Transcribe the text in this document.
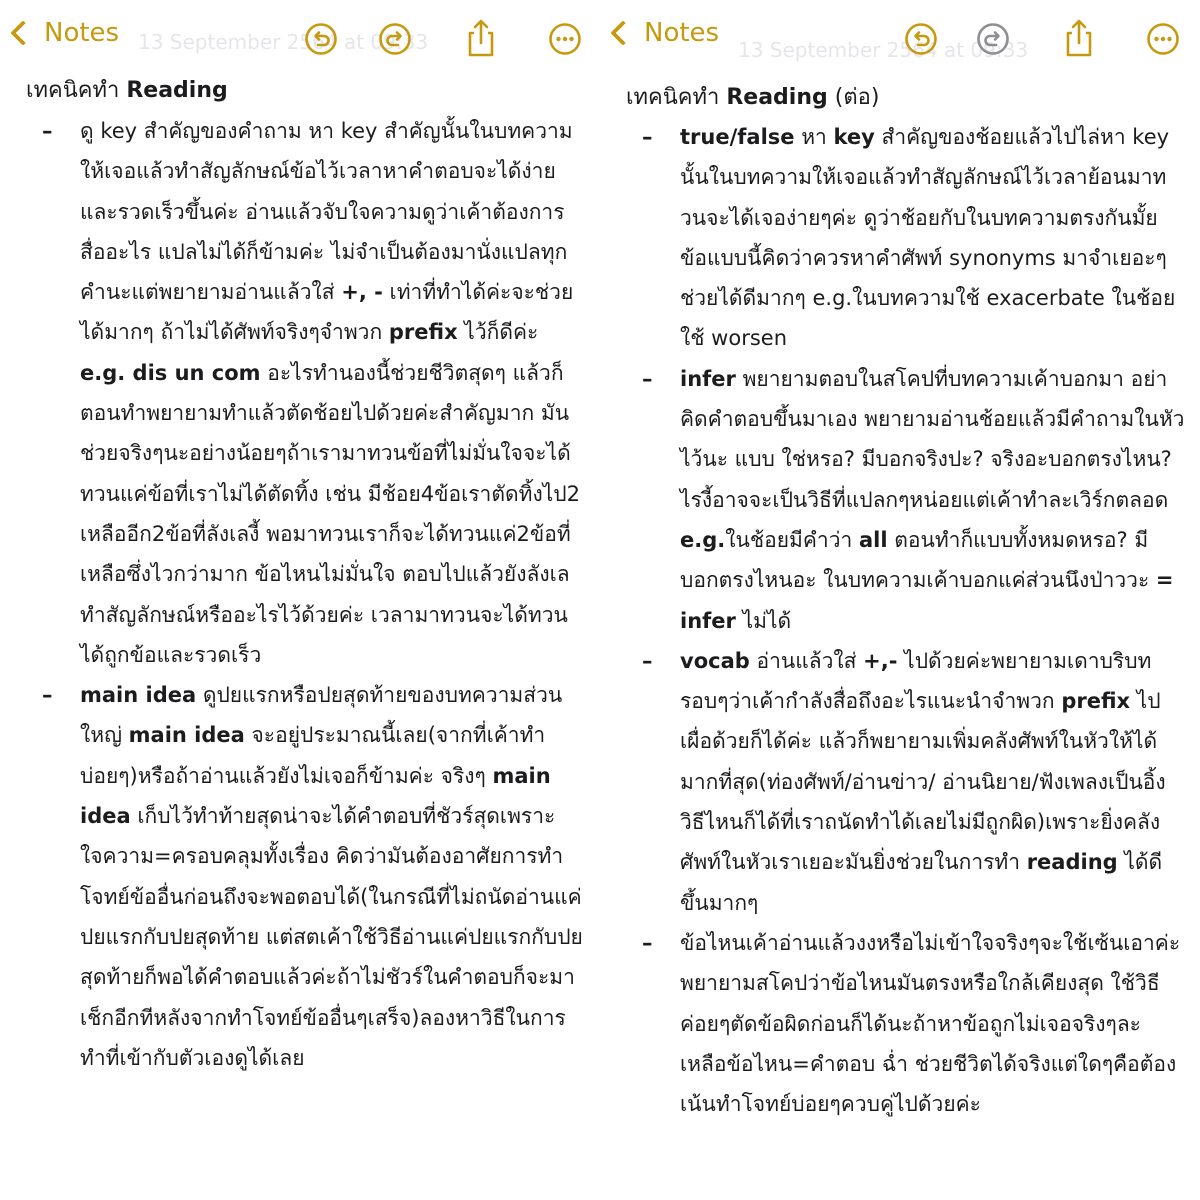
13 September 2564 at 09:33
Notes
เทคนิคทำ Reading
– ดู key สำคัญของคำถาม หา key สำคัญนั้นในบทความให้เจอแล้วทำสัญลักษณ์ข้อไว้เวลาหาคำตอบจะได้ง่ายและรวดเร็วขึ้นค่ะ อ่านแล้วจับใจความดูว่าเค้าต้องการสื่ออะไร แปลไม่ได้ก็ข้ามค่ะ ไม่จำเป็นต้องมานั่งแปลทุกคำนะแต่พยายามอ่านแล้วใส่ +, - เท่าที่ทำได้ค่ะจะช่วยได้มากๆ ถ้าไม่ได้ศัพท์จริงๆจำพวก prefix ไว้ก็ดีค่ะ e.g. dis un com อะไรทำนองนี้ช่วยชีวิตสุดๆ แล้วก็ตอนทำพยายามทำแล้วตัดช้อยไปด้วยค่ะสำคัญมาก มันช่วยจริงๆนะอย่างน้อยๆถ้าเรามาทวนข้อที่ไม่มั่นใจจะได้ทวนแค่ข้อที่เราไม่ได้ตัดทิ้ง เช่น มีช้อย4ข้อเราตัดทิ้งไป2 เหลืออีก2ข้อที่ลังเลงี้ พอมาทวนเราก็จะได้ทวนแค่2ข้อที่เหลือซึ่งไวกว่ามาก ข้อไหนไม่มั่นใจ ตอบไปแล้วยังลังเลทำสัญลักษณ์หรืออะไรไว้ด้วยค่ะ เวลามาทวนจะได้ทวนได้ถูกข้อและรวดเร็ว
– main idea ดูปยแรกหรือปยสุดท้ายของบทความส่วนใหญ่ main idea จะอยู่ประมาณนี้เลย(จากที่เค้าทำบ่อยๆ)หรือถ้าอ่านแล้วยังไม่เจอก็ข้ามค่ะ จริงๆ main idea เก็บไว้ทำท้ายสุดน่าจะได้คำตอบที่ชัวร์สุดเพราะใจความ=ครอบคลุมทั้งเรื่อง คิดว่ามันต้องอาศัยการทำโจทย์ข้ออื่นก่อนถึงจะพอตอบได้(ในกรณีที่ไม่ถนัดอ่านแค่ปยแรกกับปยสุดท้าย แต่สตเค้าใช้วิธีอ่านแค่ปยแรกกับปยสุดท้ายก็พอได้คำตอบแล้วค่ะถ้าไม่ชัวร์ในคำตอบก็จะมาเช็กอีกทีหลังจากทำโจทย์ข้ออื่นๆเสร็จ)ลองหาวิธีในการทำที่เข้ากับตัวเองดูได้เลย
13 September 2564 at 09:33
Notes
เทคนิคทำ Reading (ต่อ)
– true/false หา key สำคัญของช้อยแล้วไปไล่หา key นั้นในบทความให้เจอแล้วทำสัญลักษณ์ไว้เวลาย้อนมาทวนจะได้เจอง่ายๆค่ะ ดูว่าช้อยกับในบทความตรงกันมั้ย ข้อแบบนี้คิดว่าควรหาคำศัพท์ synonyms มาจำเยอะๆช่วยได้ดีมากๆ e.g.ในบทความใช้ exacerbate ในช้อยใช้ worsen
– infer พยายามตอบในสโคปที่บทความเค้าบอกมา อย่าคิดคำตอบขึ้นมาเอง พยายามอ่านช้อยแล้วมีคำถามในหัวไว้นะ แบบ ใช่หรอ? มีบอกจริงปะ? จริงอะบอกตรงไหน? ไรงี้อาจจะเป็นวิธีที่แปลกๆหน่อยแต่เค้าทำละเวิร์กตลอด e.g.ในช้อยมีคำว่า all ตอนทำก็แบบทั้งหมดหรอ? มีบอกตรงไหนอะ ในบทความเค้าบอกแค่ส่วนนึงป่าววะ = infer ไม่ได้
– vocab อ่านแล้วใส่ +,- ไปด้วยค่ะพยายามเดาบริบทรอบๆว่าเค้ากำลังสื่อถึงอะไรแนะนำจำพวก prefix ไปเผื่อด้วยก็ได้ค่ะ แล้วก็พยายามเพิ่มคลังศัพท์ในหัวให้ได้มากที่สุด(ท่องศัพท์/อ่านข่าว/ อ่านนิยาย/ฟังเพลงเป็นอิ้งวิธีไหนก็ได้ที่เราถนัดทำได้เลยไม่มีถูกผิด)เพราะยิ่งคลังศัพท์ในหัวเราเยอะมันยิ่งช่วยในการทำ reading ได้ดีขึ้นมากๆ
– ข้อไหนเค้าอ่านแล้วงงหรือไม่เข้าใจจริงๆจะใช้เซ้นเอาค่ะพยายามสโคปว่าข้อไหนมันตรงหรือใกล้เคียงสุด ใช้วิธีค่อยๆตัดข้อผิดก่อนก็ได้นะถ้าหาข้อถูกไม่เจอจริงๆละเหลือข้อไหน=คำตอบ ฉ่ำ ช่วยชีวิตได้จริงแต่ใดๆคือต้องเน้นทำโจทย์บ่อยๆควบคู่ไปด้วยค่ะ
